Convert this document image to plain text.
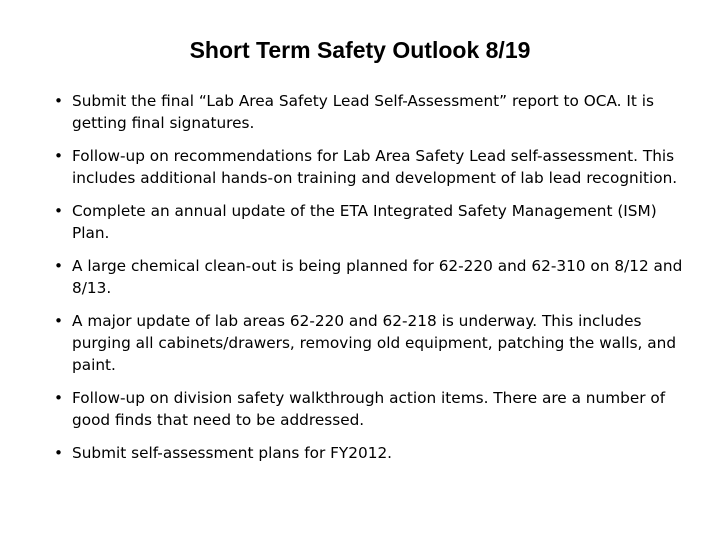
Short Term Safety Outlook 8/19
• Submit the final “Lab Area Safety Lead Self-Assessment” report to OCA. It is getting final signatures.
• Follow-up on recommendations for Lab Area Safety Lead self-assessment. This includes additional hands-on training and development of lab lead recognition.
• Complete an annual update of the ETA Integrated Safety Management (ISM) Plan.
• A large chemical clean-out is being planned for 62-220 and 62-310 on 8/12 and 8/13.
• A major update of lab areas 62-220 and 62-218 is underway. This includes purging all cabinets/drawers, removing old equipment, patching the walls, and paint.
• Follow-up on division safety walkthrough action items. There are a number of good finds that need to be addressed.
• Submit self-assessment plans for FY2012.
